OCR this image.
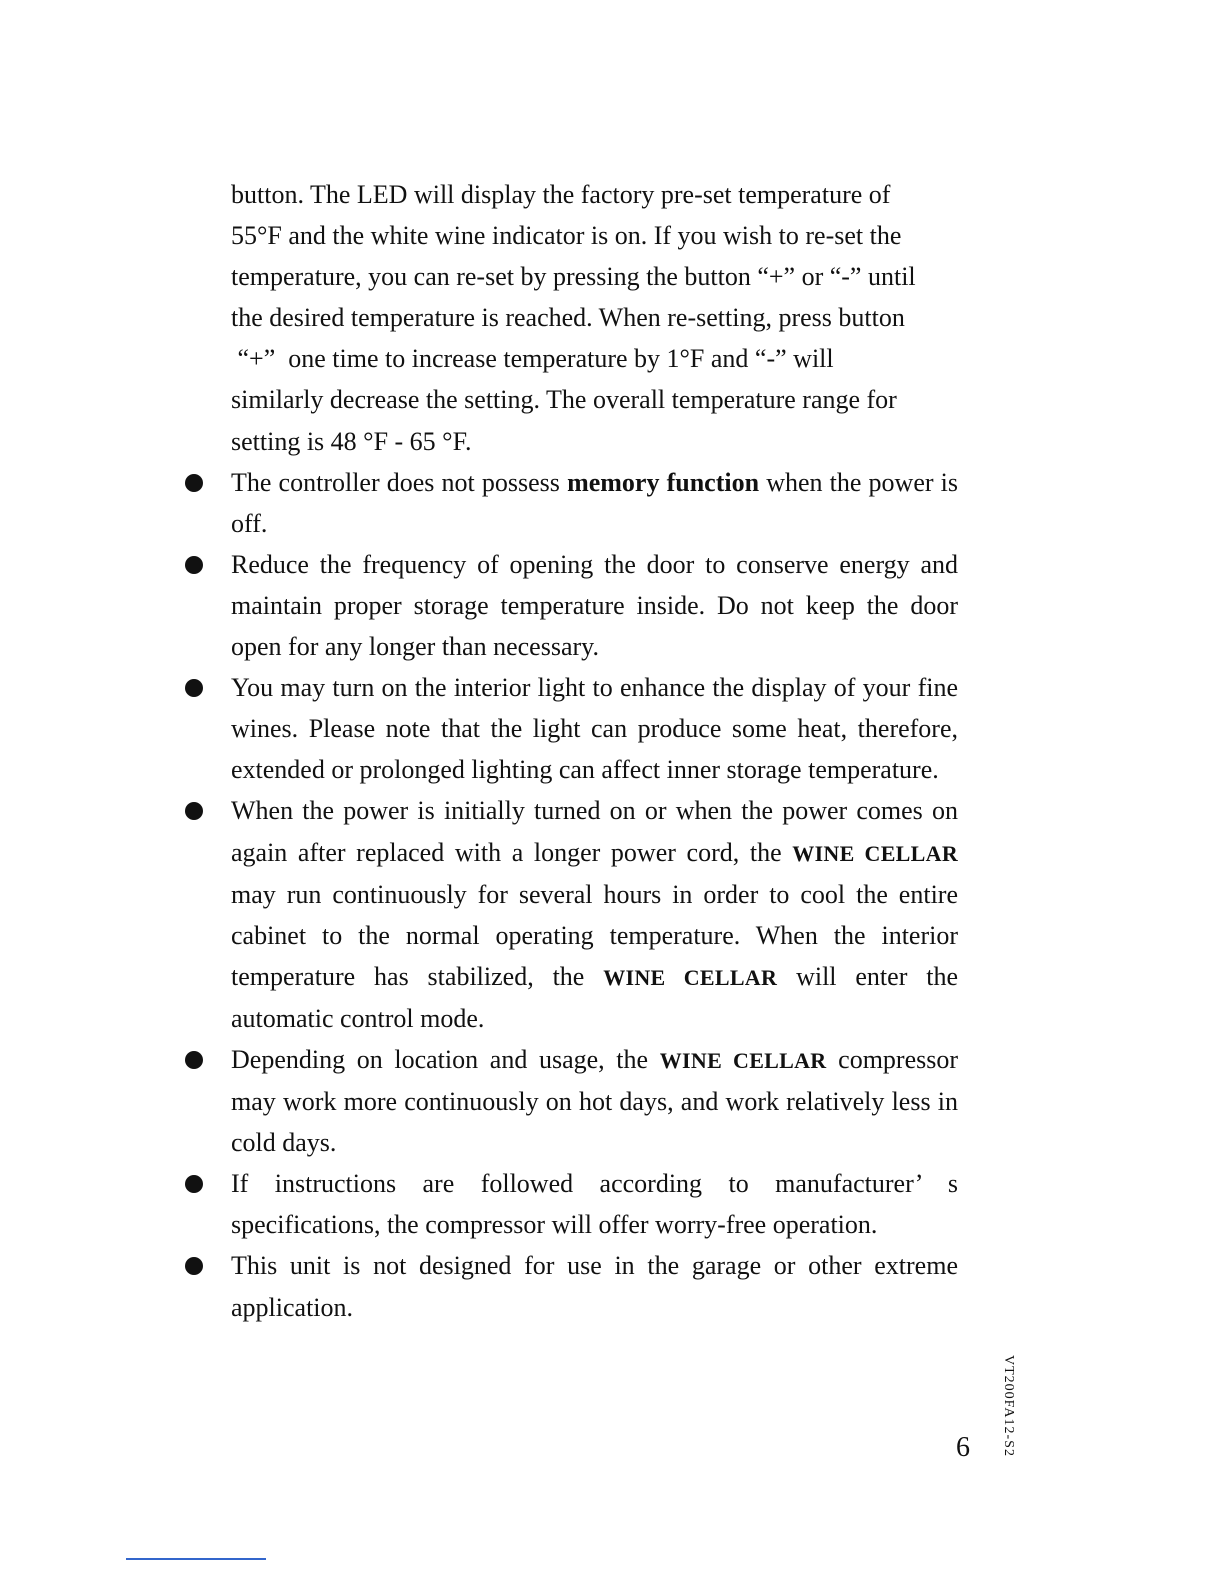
button. The LED will display the factory pre-set temperature of

55°F and the white wine indicator is on. If you wish to re-set the

temperature, you can re-set by pressing the button “+” or “-” until

the desired temperature is reached. When re-setting, press button

“+”  one time to increase temperature by 1°F and “-” will

similarly decrease the setting. The overall temperature range for

setting is 48 °F - 65 °F.

The controller does not possess memory function when the power is off.
Reduce the frequency of opening the door to conserve energy and maintain proper storage temperature inside. Do not keep the door open for any longer than necessary.
You may turn on the interior light to enhance the display of your fine wines. Please note that the light can produce some heat, therefore, extended or prolonged lighting can affect inner storage temperature.
When the power is initially turned on or when the power comes on again after replaced with a longer power cord, the WINE CELLAR may run continuously for several hours in order to cool the entire cabinet to the normal operating temperature. When the interior temperature has stabilized, the WINE CELLAR will enter the automatic control mode.
Depending on location and usage, the WINE CELLAR compressor may work more continuously on hot days, and work relatively less in cold days.
If instructions are followed according to manufacturer’ s specifications, the compressor will offer worry-free operation.
This unit is not designed for use in the garage or other extreme application.
VT200FA12-S2
6
